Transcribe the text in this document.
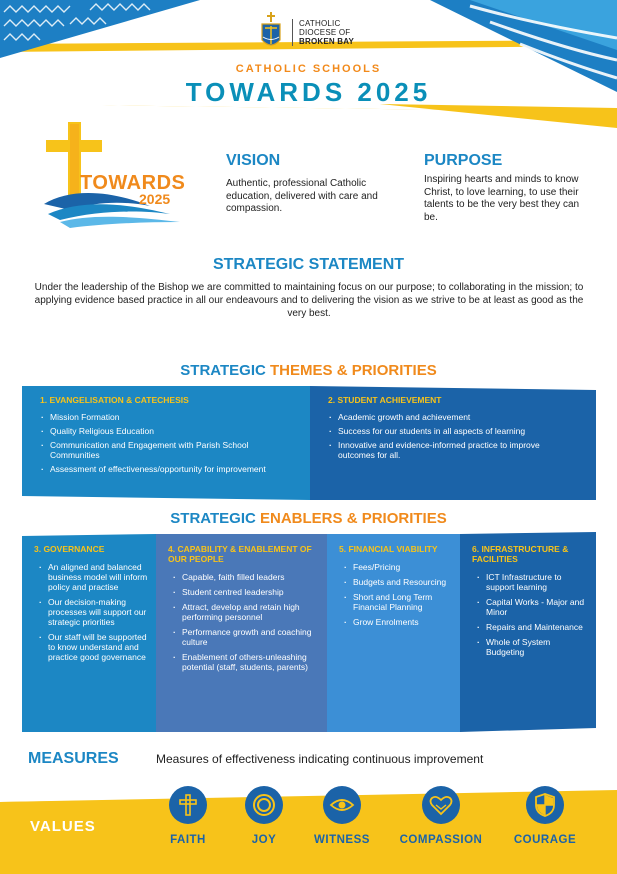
CATHOLIC
DIOCESE OF
BROKEN BAY
CATHOLIC SCHOOLS
TOWARDS 2025
TOWARDS
2025
VISION
Authentic, professional Catholic education, delivered with care and compassion.
PURPOSE
Inspiring hearts and minds to know Christ, to love learning, to use their talents to be the very best they can be.
STRATEGIC STATEMENT
Under the leadership of the Bishop we are committed to maintaining focus on our purpose; to collaborating in the mission; to applying evidence based practice in all our endeavours and to delivering the vision as we strive to be at least as good as the very best.
STRATEGIC THEMES & PRIORITIES
1. EVANGELISATION & CATECHESIS
· Mission Formation
· Quality Religious Education
· Communication and Engagement with Parish School Communities
· Assessment of effectiveness/opportunity for improvement
2. STUDENT ACHIEVEMENT
· Academic growth and achievement
· Success for our students in all aspects of learning
· Innovative and evidence-informed practice to improve outcomes for all.
STRATEGIC ENABLERS & PRIORITIES
3. GOVERNANCE
· An aligned and balanced business model will inform policy and practise
· Our decision-making processes will support our strategic priorities
· Our staff will be supported to know understand and practice good governance
4. CAPABILITY & ENABLEMENT OF OUR PEOPLE
· Capable, faith filled leaders
· Student centred leadership
· Attract, develop and retain high performing personnel
· Performance growth and coaching culture
· Enablement of others-unleashing potential (staff, students, parents)
5. FINANCIAL VIABILITY
· Fees/Pricing
· Budgets and Resourcing
· Short and Long Term Financial Planning
· Grow Enrolments
6. INFRASTRUCTURE & FACILITIES
· ICT Infrastructure to support learning
· Capital Works - Major and Minor
· Repairs and Maintenance
· Whole of System Budgeting
MEASURES	Measures of effectiveness indicating continuous improvement
VALUES
FAITH	JOY	WITNESS	COMPASSION	COURAGE
